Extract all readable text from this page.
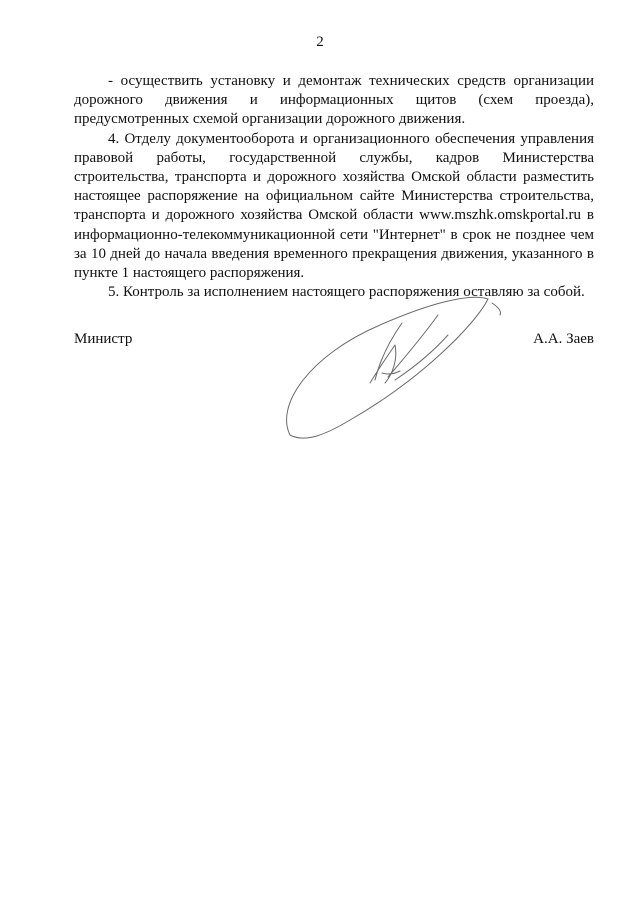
2

- осуществить установку и демонтаж технических средств организации дорожного движения и информационных щитов (схем проезда), предусмотренных схемой организации дорожного движения.

4. Отделу документооборота и организационного обеспечения управления правовой работы, государственной службы, кадров Министерства строительства, транспорта и дорожного хозяйства Омской области разместить настоящее распоряжение на официальном сайте Министерства строительства, транспорта и дорожного хозяйства Омской области www.mszhk.omskportal.ru в информационно-телекоммуникационной сети "Интернет" в срок не позднее чем за 10 дней до начала введения временного прекращения движения, указанного в пункте 1 настоящего распоряжения.

5. Контроль за исполнением настоящего распоряжения оставляю за собой.

Министр	А.А. Заев
